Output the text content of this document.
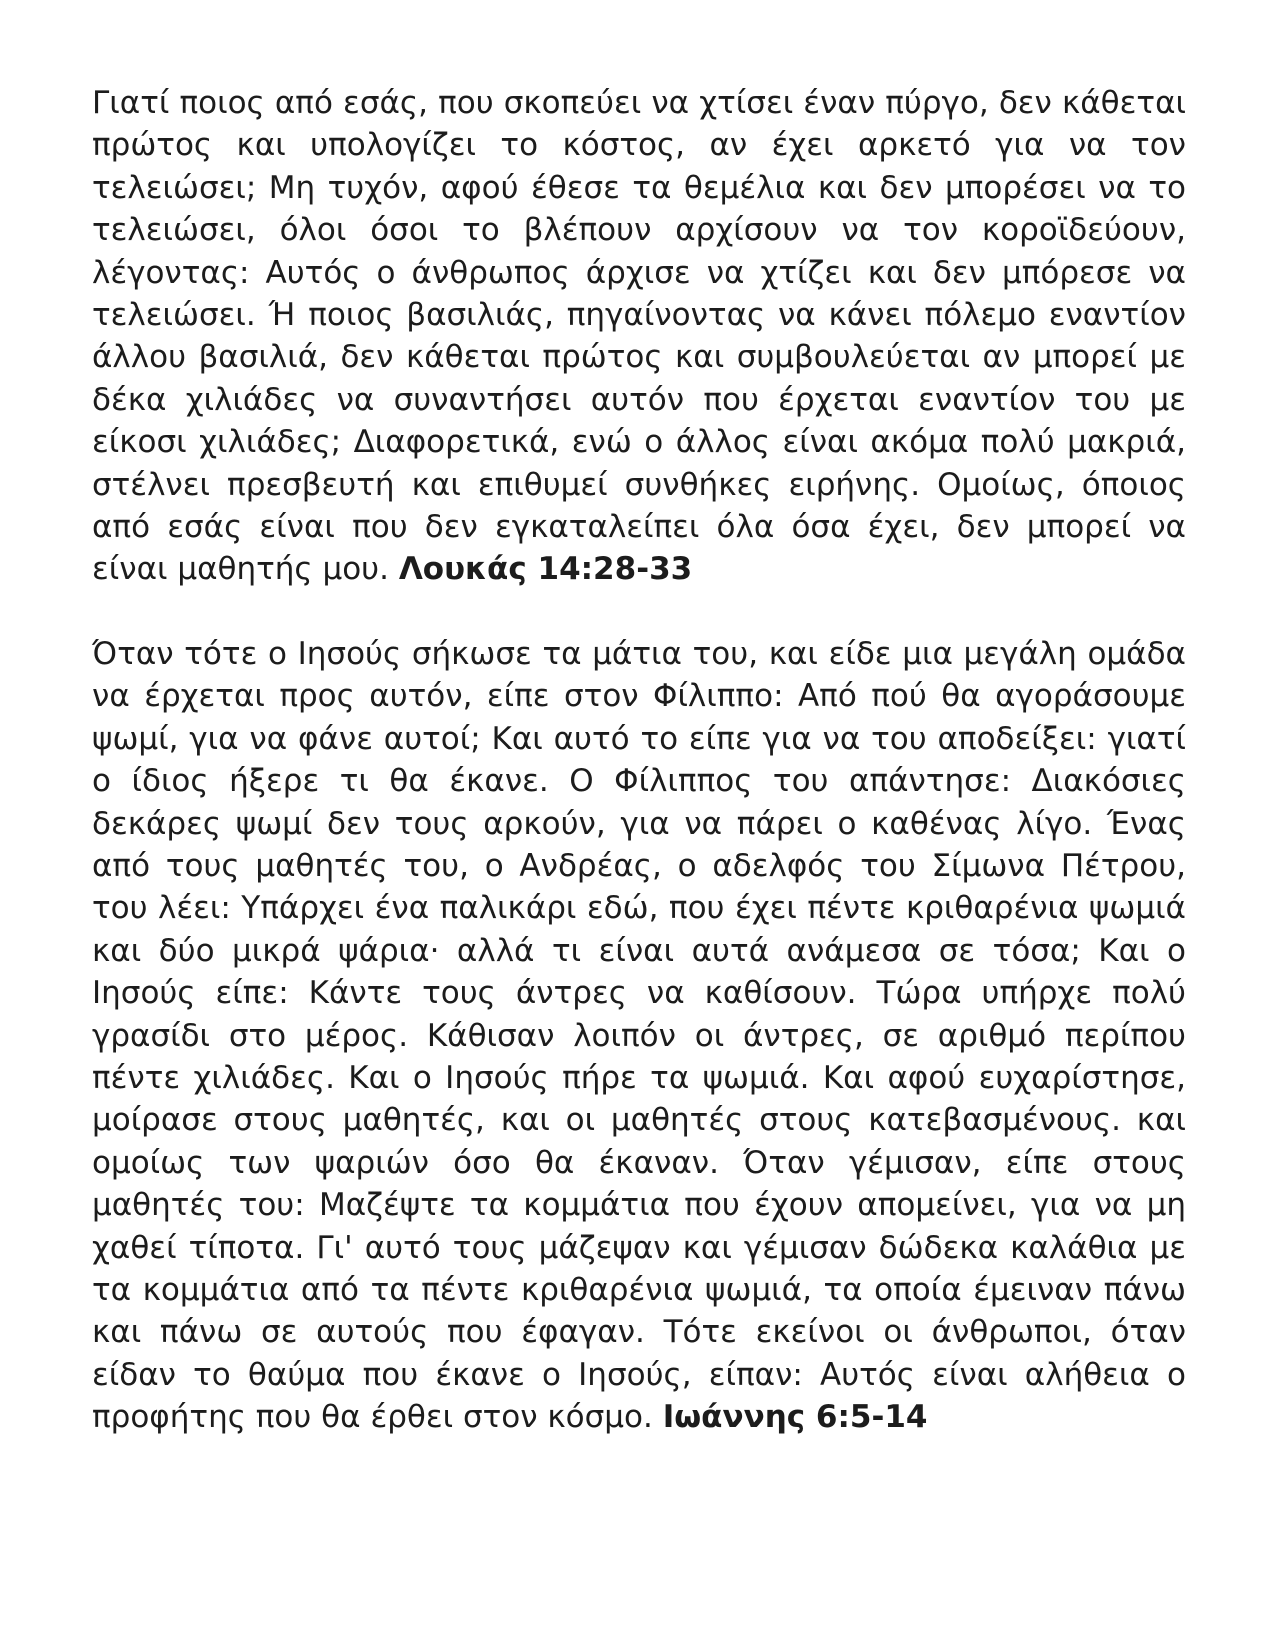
Γιατί ποιος από εσάς, που σκοπεύει να χτίσει έναν πύργο, δεν κάθεται πρώτος και υπολογίζει το κόστος, αν έχει αρκετό για να τον τελειώσει; Μη τυχόν, αφού έθεσε τα θεμέλια και δεν μπορέσει να το τελειώσει, όλοι όσοι το βλέπουν αρχίσουν να τον κοροϊδεύουν, λέγοντας: Αυτός ο άνθρωπος άρχισε να χτίζει και δεν μπόρεσε να τελειώσει. Ή ποιος βασιλιάς, πηγαίνοντας να κάνει πόλεμο εναντίον άλλου βασιλιά, δεν κάθεται πρώτος και συμβουλεύεται αν μπορεί με δέκα χιλιάδες να συναντήσει αυτόν που έρχεται εναντίον του με είκοσι χιλιάδες; Διαφορετικά, ενώ ο άλλος είναι ακόμα πολύ μακριά, στέλνει πρεσβευτή και επιθυμεί συνθήκες ειρήνης. Ομοίως, όποιος από εσάς είναι που δεν εγκαταλείπει όλα όσα έχει, δεν μπορεί να είναι μαθητής μου. Λουκάς 14:28-33

Όταν τότε ο Ιησούς σήκωσε τα μάτια του, και είδε μια μεγάλη ομάδα να έρχεται προς αυτόν, είπε στον Φίλιππο: Από πού θα αγοράσουμε ψωμί, για να φάνε αυτοί; Και αυτό το είπε για να του αποδείξει: γιατί ο ίδιος ήξερε τι θα έκανε. Ο Φίλιππος του απάντησε: Διακόσιες δεκάρες ψωμί δεν τους αρκούν, για να πάρει ο καθένας λίγο. Ένας από τους μαθητές του, ο Ανδρέας, ο αδελφός του Σίμωνα Πέτρου, του λέει: Υπάρχει ένα παλικάρι εδώ, που έχει πέντε κριθαρένια ψωμιά και δύο μικρά ψάρια· αλλά τι είναι αυτά ανάμεσα σε τόσα; Και ο Ιησούς είπε: Κάντε τους άντρες να καθίσουν. Τώρα υπήρχε πολύ γρασίδι στο μέρος. Κάθισαν λοιπόν οι άντρες, σε αριθμό περίπου πέντε χιλιάδες. Και ο Ιησούς πήρε τα ψωμιά. Και αφού ευχαρίστησε, μοίρασε στους μαθητές, και οι μαθητές στους κατεβασμένους. και ομοίως των ψαριών όσο θα έκαναν. Όταν γέμισαν, είπε στους μαθητές του: Μαζέψτε τα κομμάτια που έχουν απομείνει, για να μη χαθεί τίποτα. Γι' αυτό τους μάζεψαν και γέμισαν δώδεκα καλάθια με τα κομμάτια από τα πέντε κριθαρένια ψωμιά, τα οποία έμειναν πάνω και πάνω σε αυτούς που έφαγαν. Τότε εκείνοι οι άνθρωποι, όταν είδαν το θαύμα που έκανε ο Ιησούς, είπαν: Αυτός είναι αλήθεια ο προφήτης που θα έρθει στον κόσμο. Ιωάννης 6:5-14
